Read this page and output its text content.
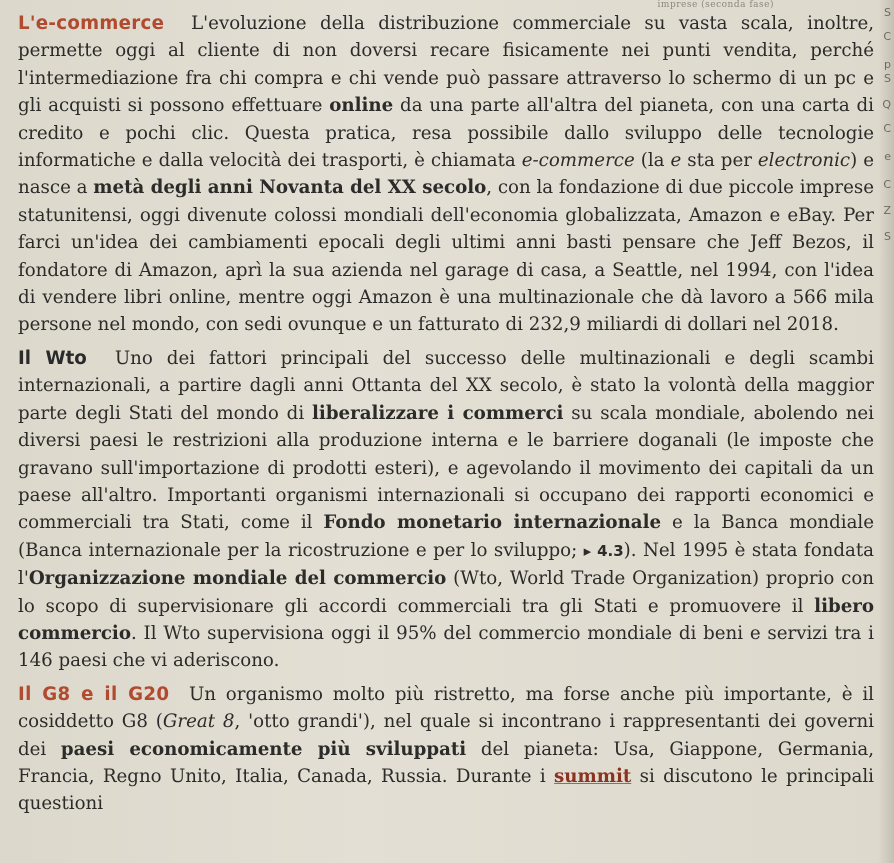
imprese (seconda fase)

L'e-commerce L'evoluzione della distribuzione commerciale su vasta scala, inoltre, permette oggi al cliente di non doversi recare fisicamente nei punti vendita, perché l'intermediazione fra chi compra e chi vende può passare attraverso lo schermo di un pc e gli acquisti si possono effettuare online da una parte all'altra del pianeta, con una carta di credito e pochi clic. Questa pratica, resa possibile dallo sviluppo delle tecnologie informatiche e dalla velocità dei trasporti, è chiamata e-commerce (la e sta per electronic) e nasce a metà degli anni Novanta del XX secolo, con la fondazione di due piccole imprese statunitensi, oggi divenute colossi mondiali dell'economia globalizzata, Amazon e eBay. Per farci un'idea dei cambiamenti epocali degli ultimi anni basti pensare che Jeff Bezos, il fondatore di Amazon, aprì la sua azienda nel garage di casa, a Seattle, nel 1994, con l'idea di vendere libri online, mentre oggi Amazon è una multinazionale che dà lavoro a 566 mila persone nel mondo, con sedi ovunque e un fatturato di 232,9 miliardi di dollari nel 2018.

Il Wto Uno dei fattori principali del successo delle multinazionali e degli scambi internazionali, a partire dagli anni Ottanta del XX secolo, è stato la volontà della maggior parte degli Stati del mondo di liberalizzare i commerci su scala mondiale, abolendo nei diversi paesi le restrizioni alla produzione interna e le barriere doganali (le imposte che gravano sull'importazione di prodotti esteri), e agevolando il movimento dei capitali da un paese all'altro. Importanti organismi internazionali si occupano dei rapporti economici e commerciali tra Stati, come il Fondo monetario internazionale e la Banca mondiale (Banca internazionale per la ricostruzione e per lo sviluppo; ▸ 4.3). Nel 1995 è stata fondata l'Organizzazione mondiale del commercio (Wto, World Trade Organization) proprio con lo scopo di supervisionare gli accordi commerciali tra gli Stati e promuovere il libero commercio. Il Wto supervisiona oggi il 95% del commercio mondiale di beni e servizi tra i 146 paesi che vi aderiscono.

Il G8 e il G20 Un organismo molto più ristretto, ma forse anche più importante, è il cosiddetto G8 (Great 8, 'otto grandi'), nel quale si incontrano i rappresentanti dei governi dei paesi economicamente più sviluppati del pianeta: Usa, Giappone, Germania, Francia, Regno Unito, Italia, Canada, Russia. Durante i summit si discutono le principali questioni

S
C
p
S
Q
C
e
C
Z
S
